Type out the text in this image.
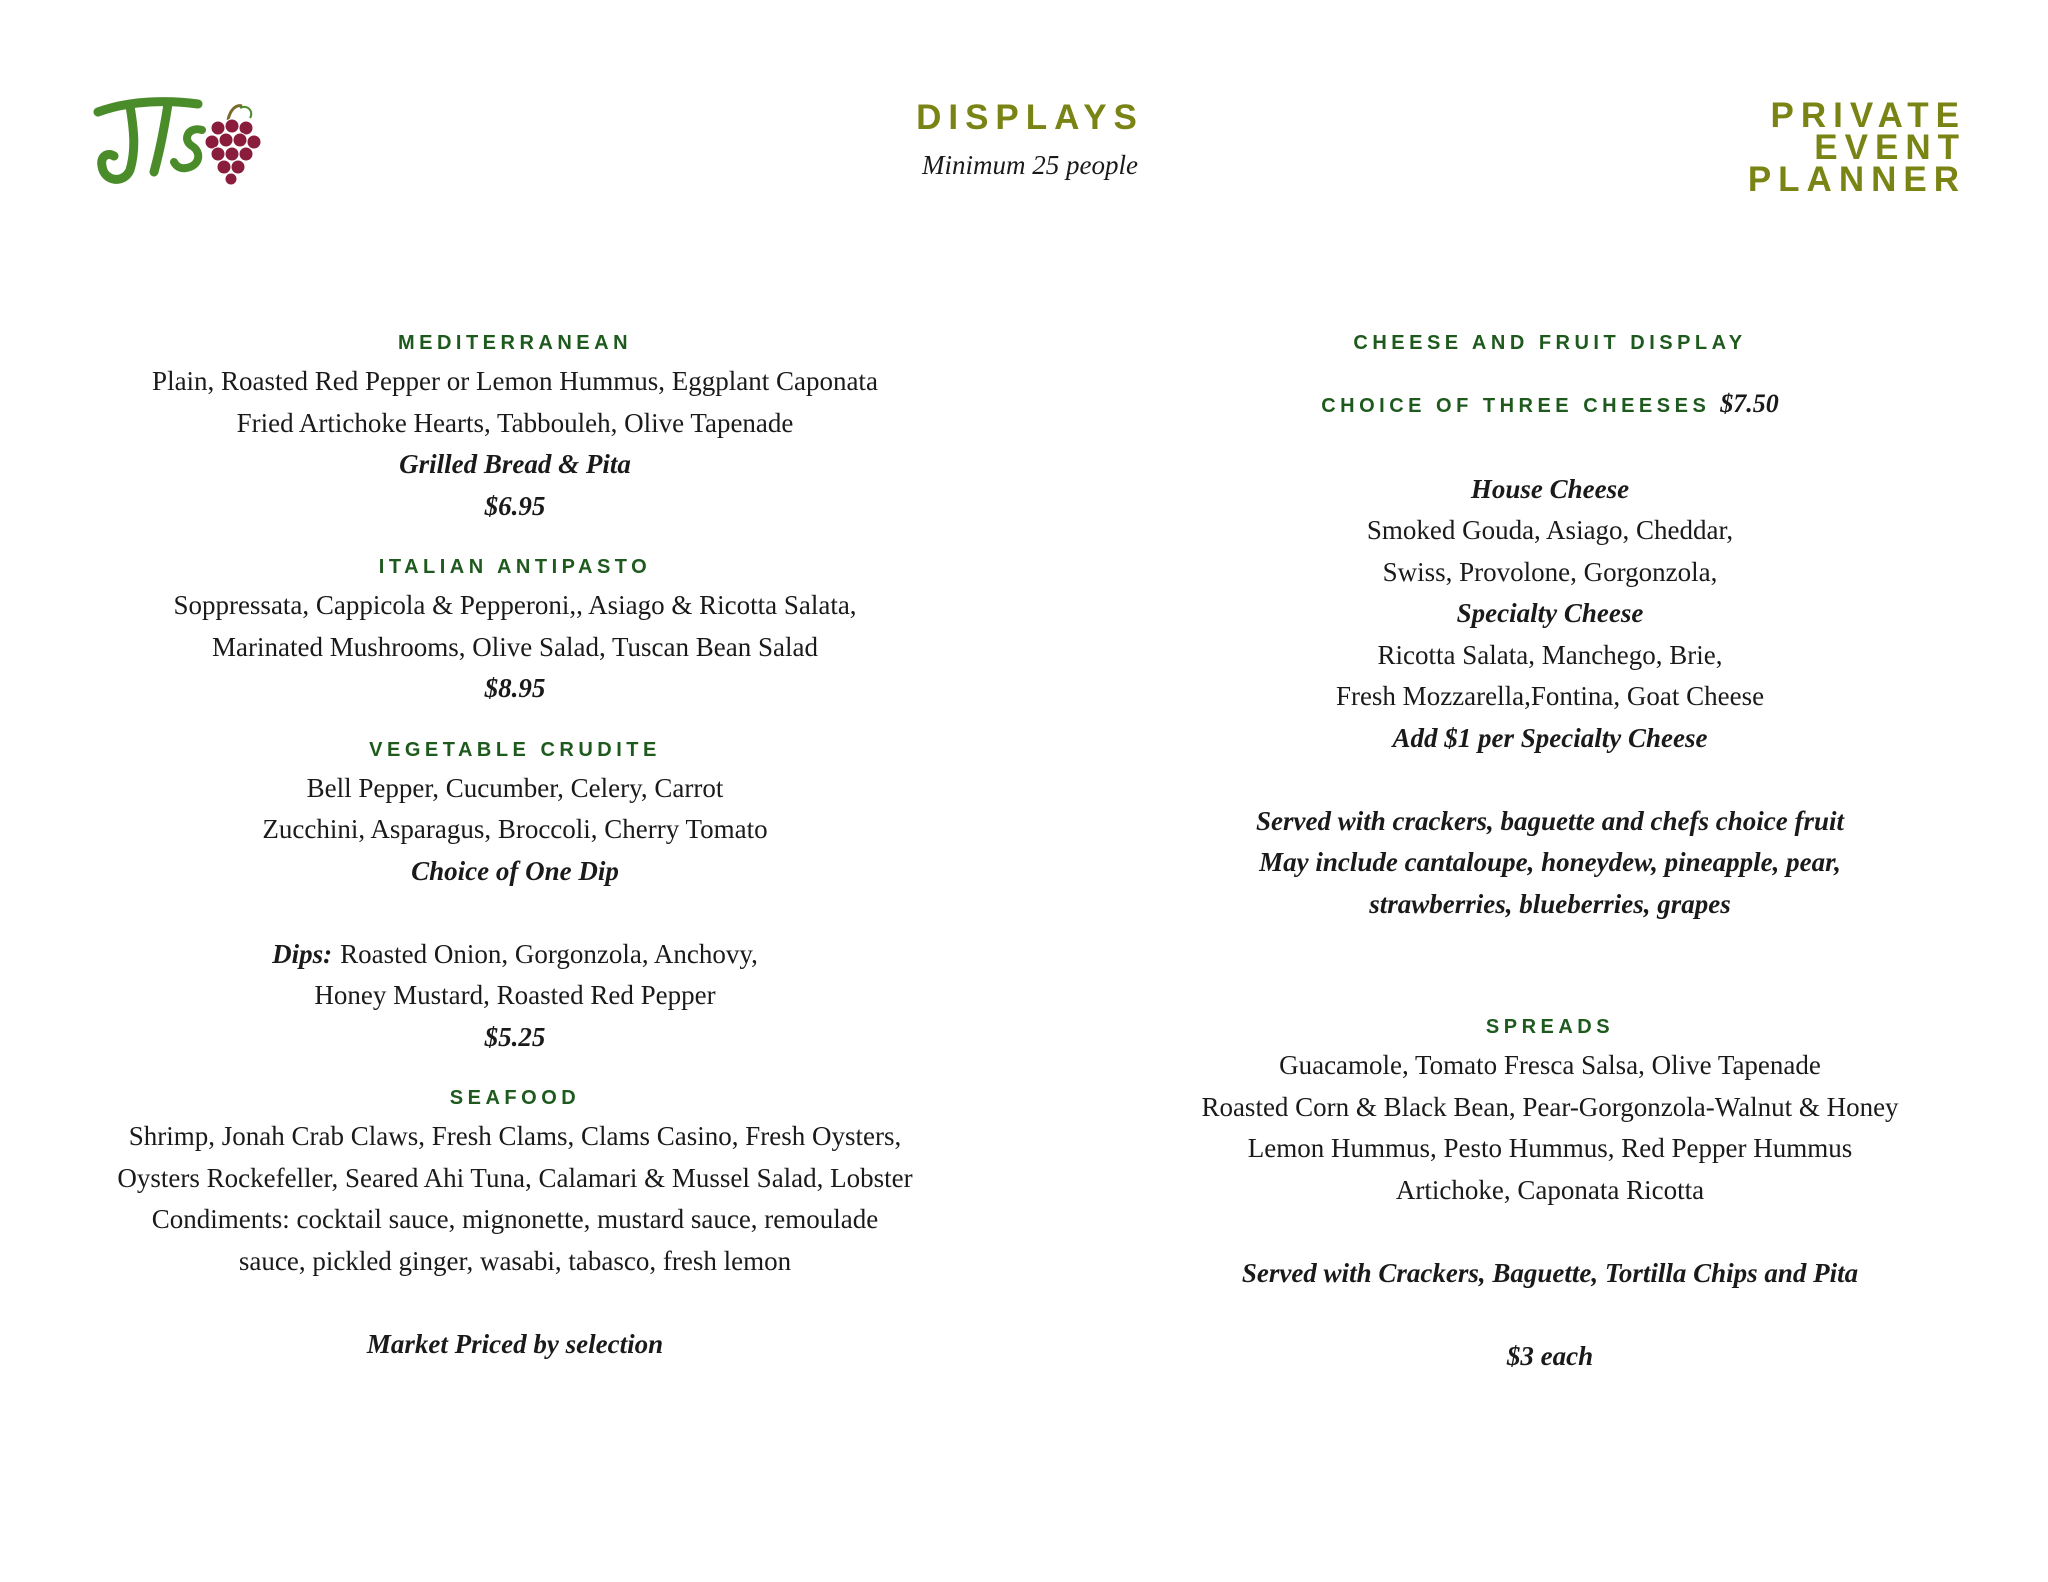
DISPLAYS
Minimum 25 people
PRIVATE
EVENT
PLANNER
MEDITERRANEAN
Plain, Roasted Red Pepper or Lemon Hummus, Eggplant Caponata
Fried Artichoke Hearts, Tabbouleh, Olive Tapenade
Grilled Bread & Pita
$6.95
ITALIAN ANTIPASTO
Soppressata, Cappicola & Pepperoni,, Asiago & Ricotta Salata,
Marinated Mushrooms, Olive Salad, Tuscan Bean Salad
$8.95
VEGETABLE CRUDITE
Bell Pepper, Cucumber, Celery, Carrot
Zucchini, Asparagus, Broccoli, Cherry Tomato
Choice of One Dip
Dips: Roasted Onion, Gorgonzola, Anchovy,
Honey Mustard, Roasted Red Pepper
$5.25
SEAFOOD
Shrimp, Jonah Crab Claws, Fresh Clams, Clams Casino, Fresh Oysters,
Oysters Rockefeller, Seared Ahi Tuna, Calamari & Mussel Salad, Lobster
Condiments: cocktail sauce, mignonette, mustard sauce, remoulade
sauce, pickled ginger, wasabi, tabasco, fresh lemon
Market Priced by selection
CHEESE AND FRUIT DISPLAY
CHOICE OF THREE CHEESES $7.50
House Cheese
Smoked Gouda, Asiago, Cheddar,
Swiss, Provolone, Gorgonzola,
Specialty Cheese
Ricotta Salata, Manchego, Brie,
Fresh Mozzarella,Fontina, Goat Cheese
Add $1 per Specialty Cheese
Served with crackers, baguette and chefs choice fruit
May include cantaloupe, honeydew, pineapple, pear,
strawberries, blueberries, grapes
SPREADS
Guacamole, Tomato Fresca Salsa, Olive Tapenade
Roasted Corn & Black Bean, Pear-Gorgonzola-Walnut & Honey
Lemon Hummus, Pesto Hummus, Red Pepper Hummus
Artichoke, Caponata Ricotta
Served with Crackers, Baguette, Tortilla Chips and Pita
$3 each
